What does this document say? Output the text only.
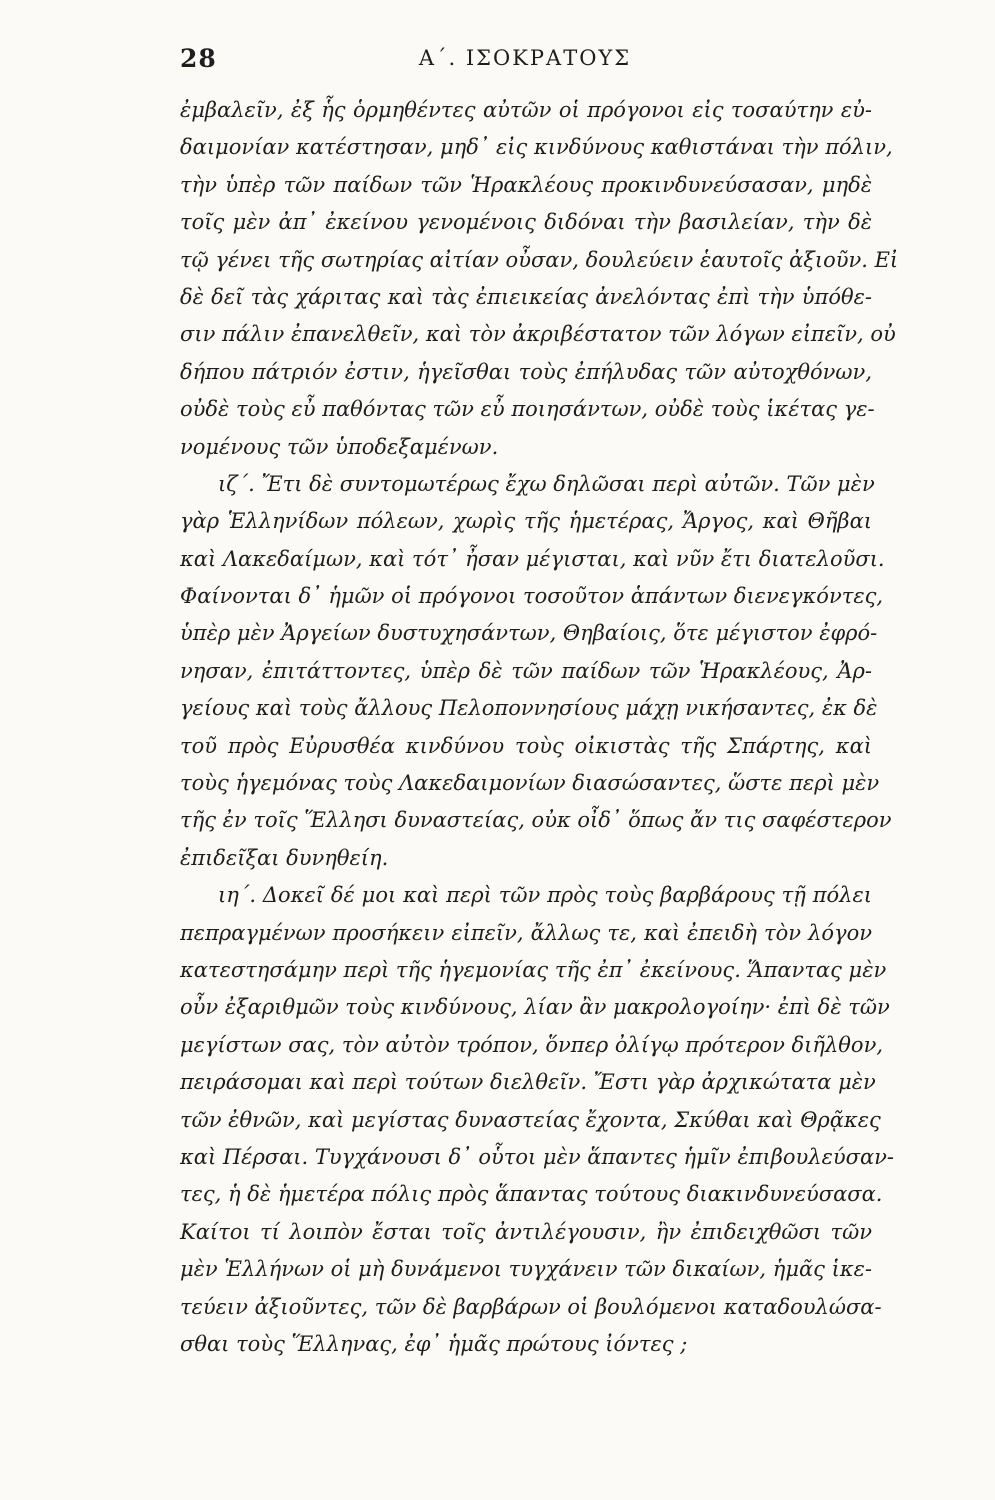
28	Α΄. ΙΣΟΚΡΑΤΟΥΣ
ἐμβαλεῖν, ἐξ ἧς ὁρμηθέντες αὐτῶν οἱ πρόγονοι εἰς τοσαύτην εὐ-
δαιμονίαν κατέστησαν, μηδ᾽ εἰς κινδύνους καθιστάναι τὴν πόλιν,
τὴν ὑπὲρ τῶν παίδων τῶν Ἡρακλέους προκινδυνεύσασαν, μηδὲ
τοῖς μὲν ἀπ᾽ ἐκείνου γενομένοις διδόναι τὴν βασιλείαν, τὴν δὲ
τῷ γένει τῆς σωτηρίας αἰτίαν οὖσαν, δουλεύειν ἑαυτοῖς ἀξιοῦν. Εἰ
δὲ δεῖ τὰς χάριτας καὶ τὰς ἐπιεικείας ἀνελόντας ἐπὶ τὴν ὑπόθε-
σιν πάλιν ἐπανελθεῖν, καὶ τὸν ἀκριβέστατον τῶν λόγων εἰπεῖν, οὐ
δήπου πάτριόν ἐστιν, ἡγεῖσθαι τοὺς ἐπήλυδας τῶν αὐτοχθόνων,
οὐδὲ τοὺς εὖ παθόντας τῶν εὖ ποιησάντων, οὐδὲ τοὺς ἱκέτας γε-
νομένους τῶν ὑποδεξαμένων.
ιζ΄. Ἔτι δὲ συντομωτέρως ἔχω δηλῶσαι περὶ αὐτῶν. Τῶν μὲν
γὰρ Ἑλληνίδων πόλεων, χωρὶς τῆς ἡμετέρας, Ἄργος, καὶ Θῆβαι
καὶ Λακεδαίμων, καὶ τότ᾽ ἦσαν μέγισται, καὶ νῦν ἔτι διατελοῦσι.
Φαίνονται δ᾽ ἡμῶν οἱ πρόγονοι τοσοῦτον ἁπάντων διενεγκόντες,
ὑπὲρ μὲν Ἀργείων δυστυχησάντων, Θηβαίοις, ὅτε μέγιστον ἐφρό-
νησαν, ἐπιτάττοντες, ὑπὲρ δὲ τῶν παίδων τῶν Ἡρακλέους, Ἀρ-
γείους καὶ τοὺς ἄλλους Πελοποννησίους μάχῃ νικήσαντες, ἐκ δὲ
τοῦ πρὸς Εὐρυσθέα κινδύνου τοὺς οἰκιστὰς τῆς Σπάρτης, καὶ
τοὺς ἡγεμόνας τοὺς Λακεδαιμονίων διασώσαντες, ὥστε περὶ μὲν
τῆς ἐν τοῖς Ἕλλησι δυναστείας, οὐκ οἶδ᾽ ὅπως ἄν τις σαφέστερον
ἐπιδεῖξαι δυνηθείη.
ιη΄. Δοκεῖ δέ μοι καὶ περὶ τῶν πρὸς τοὺς βαρβάρους τῇ πόλει
πεπραγμένων προσήκειν εἰπεῖν, ἄλλως τε, καὶ ἐπειδὴ τὸν λόγον
κατεστησάμην περὶ τῆς ἡγεμονίας τῆς ἐπ᾽ ἐκείνους. Ἅπαντας μὲν
οὖν ἐξαριθμῶν τοὺς κινδύνους, λίαν ἂν μακρολογοίην· ἐπὶ δὲ τῶν
μεγίστων σας, τὸν αὐτὸν τρόπον, ὅνπερ ὀλίγῳ πρότερον διῆλθον,
πειράσομαι καὶ περὶ τούτων διελθεῖν. Ἔστι γὰρ ἀρχικώτατα μὲν
τῶν ἐθνῶν, καὶ μεγίστας δυναστείας ἔχοντα, Σκύθαι καὶ Θρᾷκες
καὶ Πέρσαι. Τυγχάνουσι δ᾽ οὗτοι μὲν ἅπαντες ἡμῖν ἐπιβουλεύσαν-
τες, ἡ δὲ ἡμετέρα πόλις πρὸς ἅπαντας τούτους διακινδυνεύσασα.
Καίτοι τί λοιπὸν ἔσται τοῖς ἀντιλέγουσιν, ἢν ἐπιδειχθῶσι τῶν
μὲν Ἑλλήνων οἱ μὴ δυνάμενοι τυγχάνειν τῶν δικαίων, ἡμᾶς ἱκε-
τεύειν ἀξιοῦντες, τῶν δὲ βαρβάρων οἱ βουλόμενοι καταδουλώσα-
σθαι τοὺς Ἕλληνας, ἐφ᾽ ἡμᾶς πρώτους ἰόντες ;
